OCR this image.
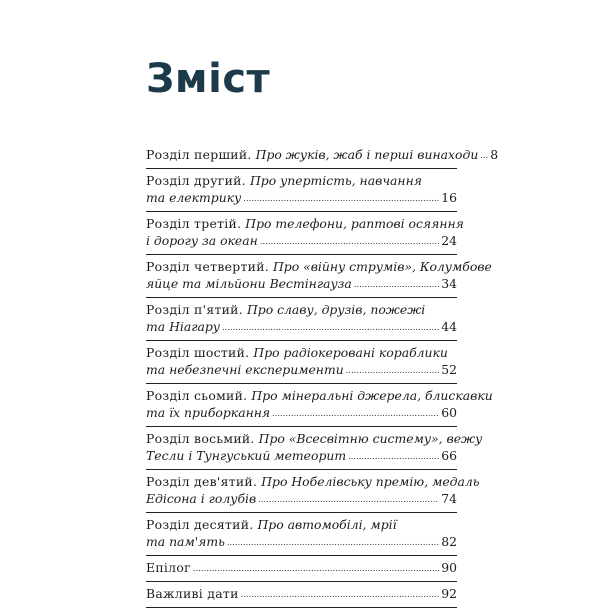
Зміст
Розділ перший. Про жуків, жаб і перші винаходи . . . 8
Розділ другий. Про упертість, навчання
та електрику . . .	16
Розділ третій. Про телефони, раптові осяяння
і дорогу за океан . . .	24
Розділ четвертий. Про «війну струмів», Колумбове
яйце та мільйони Вестінгауза . . .	34
Розділ п'ятий. Про славу, друзів, пожежі
та Ніагару . . .	44
Розділ шостий. Про радіокеровані кораблики
та небезпечні експерименти . . .	52
Розділ сьомий. Про мінеральні джерела, блискавки
та їх приборкання . . .	60
Розділ восьмий. Про «Всесвітню систему», вежу
Тесли і Тунгуський метеорит . . .	66
Розділ дев'ятий. Про Нобелівську премію, медаль
Едісона і голубів . . .	74
Розділ десятий. Про автомобілі, мрії
та пам'ять . . .	82
Епілог . . .	90
Важливі дати . . .	92
